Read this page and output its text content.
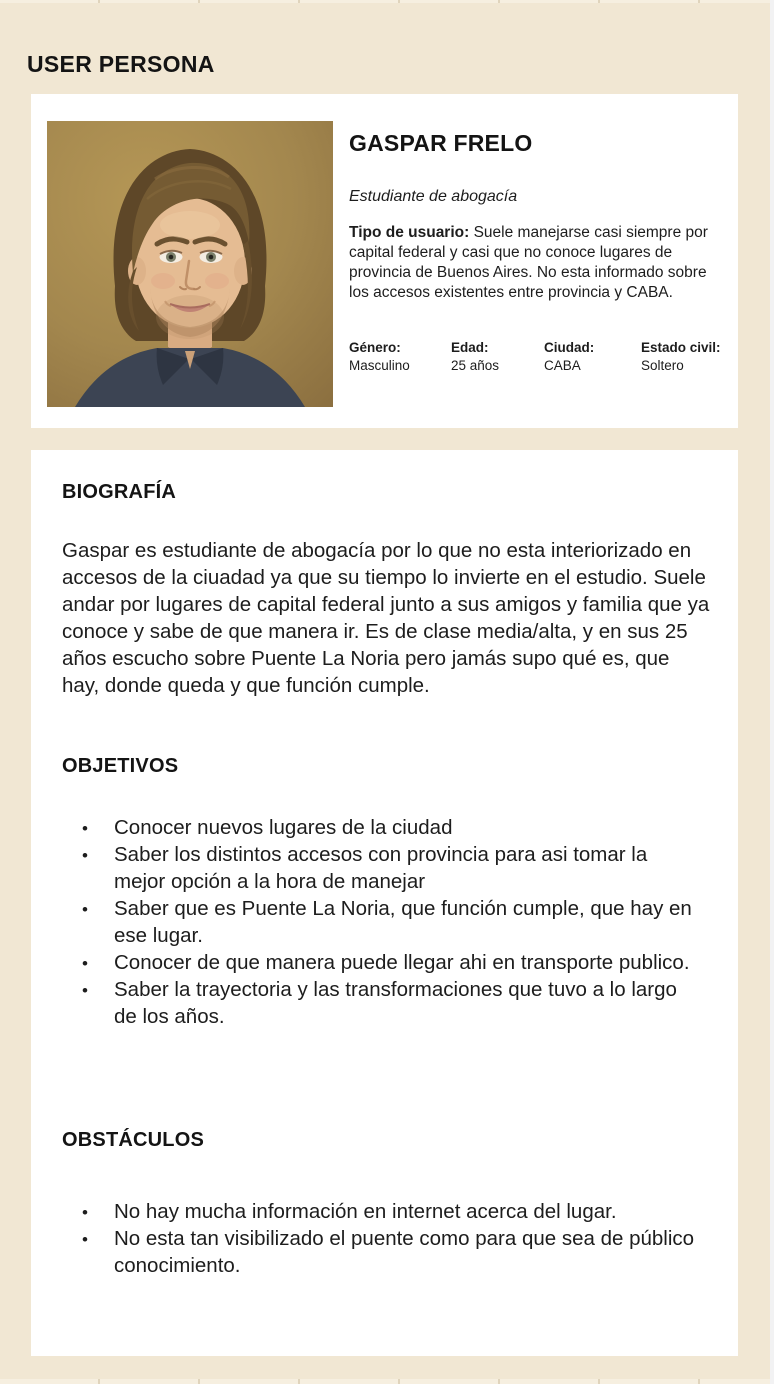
USER PERSONA
GASPAR FRELO
Estudiante de abogacía

Tipo de usuario: Suele manejarse casi siempre por capital federal y casi que no conoce lugares de provincia de Buenos Aires. No esta informado sobre los accesos existentes entre provincia y CABA.

Género:
Masculino
Edad:
25 años
Ciudad:
CABA
Estado civil:
Soltero
BIOGRAFÍA

Gaspar es estudiante de abogacía por lo que no esta interiorizado en accesos de la ciuadad ya que su tiempo lo invierte en el estudio. Suele andar por lugares de capital federal junto a sus amigos y familia que ya conoce y sabe de que manera ir. Es de clase media/alta, y en sus 25 años escucho sobre Puente La Noria pero jamás supo qué es, que hay, donde queda y que función cumple.

OBJETIVOS
• Conocer nuevos lugares de la ciudad
• Saber los distintos accesos con provincia para asi tomar la mejor opción a la hora de manejar
• Saber que es Puente La Noria, que función cumple, que hay en ese lugar.
• Conocer de que manera puede llegar ahi en transporte publico.
• Saber la trayectoria y las transformaciones que tuvo a lo largo de los años.
OBSTÁCULOS
• No hay mucha información en internet acerca del lugar.
• No esta tan visibilizado el puente como para que sea de público conocimiento.
